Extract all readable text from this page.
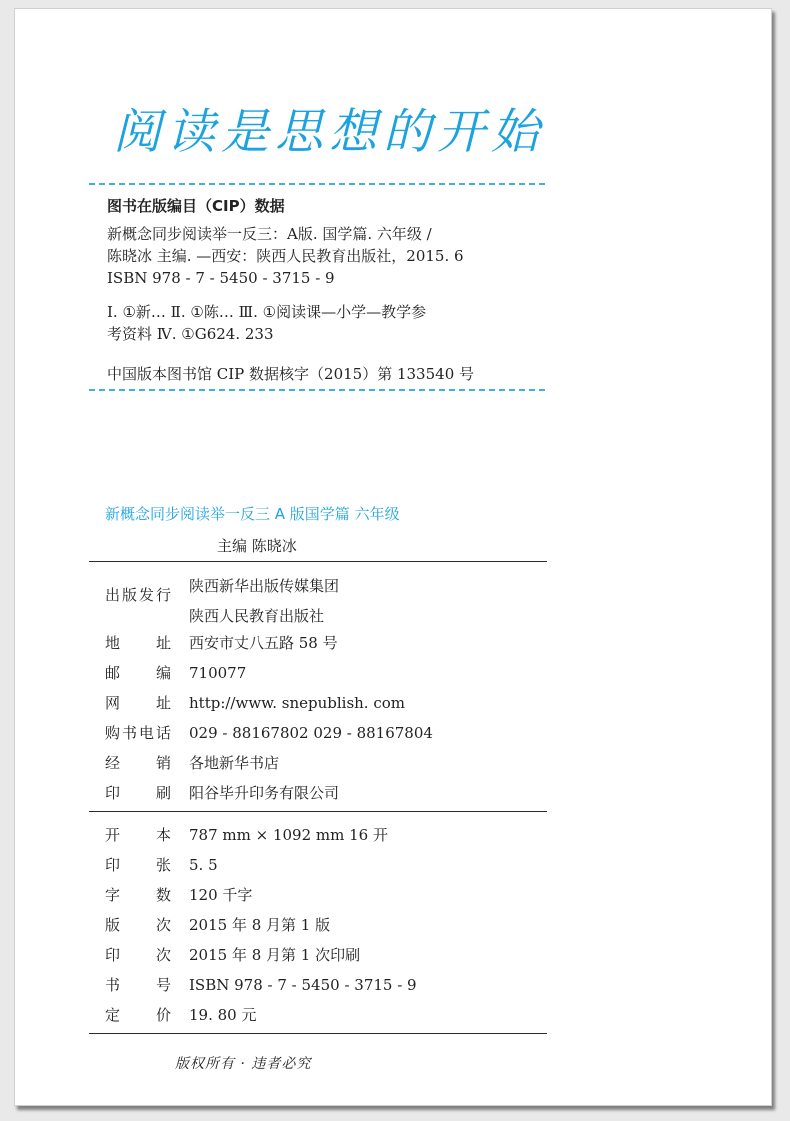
阅读是思想的开始
图书在版编目（CIP）数据

新概念同步阅读举一反三：A版. 国学篇. 六年级 /

陈晓冰 主编. —西安：陕西人民教育出版社，2015. 6

ISBN 978 - 7 - 5450 - 3715 - 9

Ⅰ. ①新… Ⅱ. ①陈… Ⅲ. ①阅读课—小学—教学参

考资料 Ⅳ. ①G624. 233

中国版本图书馆 CIP 数据核字（2015）第 133540 号

新概念同步阅读举一反三 A 版国学篇 六年级
主编 陈晓冰
出版发行 陕西新华出版传媒集团

陕西人民教育出版社

地址 西安市丈八五路 58 号
邮编 710077
网址 http://www. snepublish. com
购书电话 029 - 88167802 029 - 88167804
经销 各地新华书店
印刷 阳谷毕升印务有限公司
开本 787 mm × 1092 mm 16 开
印张 5. 5
字数 120 千字
版次 2015 年 8 月第 1 版
印次 2015 年 8 月第 1 次印刷
书号 ISBN 978 - 7 - 5450 - 3715 - 9
定价 19. 80 元
版权所有 · 违者必究
